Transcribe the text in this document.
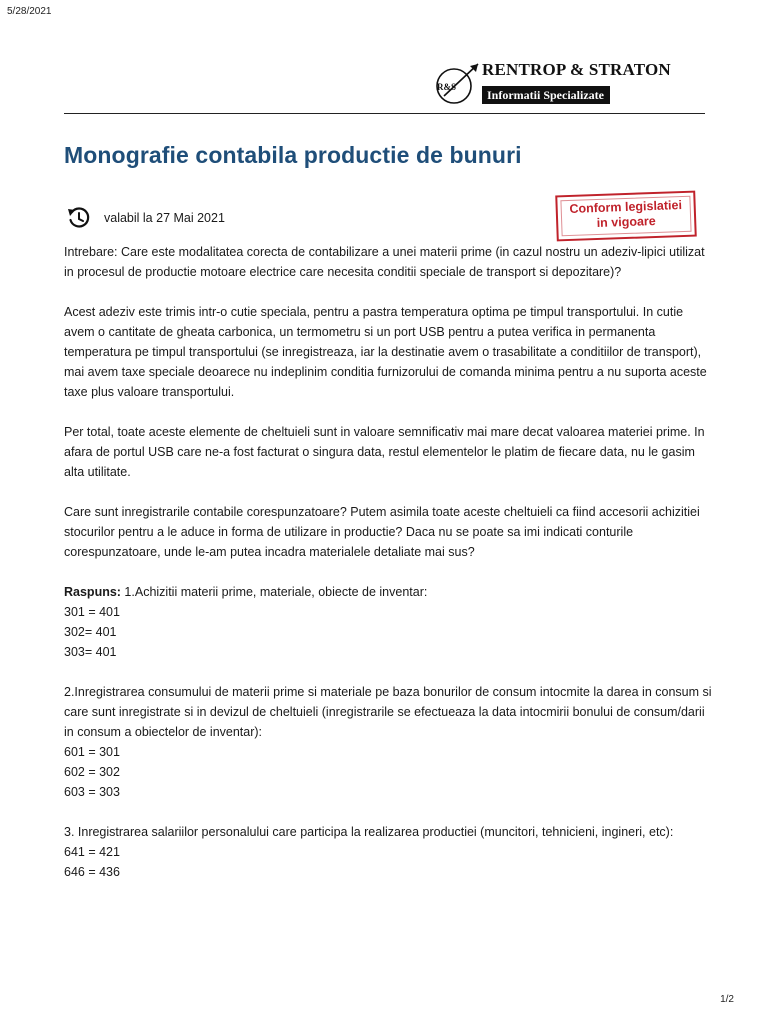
5/28/2021
R&S
RENTROP & STRATON
Informatii Specializate
Monografie contabila productie de bunuri
valabil la 27 Mai 2021
Conform legislatiei
in vigoare

Intrebare: Care este modalitatea corecta de contabilizare a unei materii prime (in cazul nostru un adeziv-lipici utilizat in procesul de productie motoare electrice care necesita conditii speciale de transport si depozitare)?

Acest adeziv este trimis intr-o cutie speciala, pentru a pastra temperatura optima pe timpul transportului. In cutie avem o cantitate de gheata carbonica, un termometru si un port USB pentru a putea verifica in permanenta temperatura pe timpul transportului (se inregistreaza, iar la destinatie avem o trasabilitate a conditiilor de transport), mai avem taxe speciale deoarece nu indeplinim conditia furnizorului de comanda minima pentru a nu suporta aceste taxe plus valoare transportului.

Per total, toate aceste elemente de cheltuieli sunt in valoare semnificativ mai mare decat valoarea materiei prime. In afara de portul USB care ne-a fost facturat o singura data, restul elementelor le platim de fiecare data, nu le gasim alta utilitate.

Care sunt inregistrarile contabile corespunzatoare? Putem asimila toate aceste cheltuieli ca fiind accesorii achizitiei stocurilor pentru a le aduce in forma de utilizare in productie? Daca nu se poate sa imi indicati conturile corespunzatoare, unde le-am putea incadra materialele detaliate mai sus?

Raspuns: 1.Achizitii materii prime, materiale, obiecte de inventar:
301 = 401
302= 401
303= 401
2.Inregistrarea consumului de materii prime si materiale pe baza bonurilor de consum intocmite la darea in consum si care sunt inregistrate si in devizul de cheltuieli (inregistrarile se efectueaza la data intocmirii bonului de consum/darii in consum a obiectelor de inventar):
601 = 301
602 = 302
603 = 303
3. Inregistrarea salariilor personalului care participa la realizarea productiei (muncitori, tehnicieni, ingineri, etc):
641 = 421
646 = 436
1/2
